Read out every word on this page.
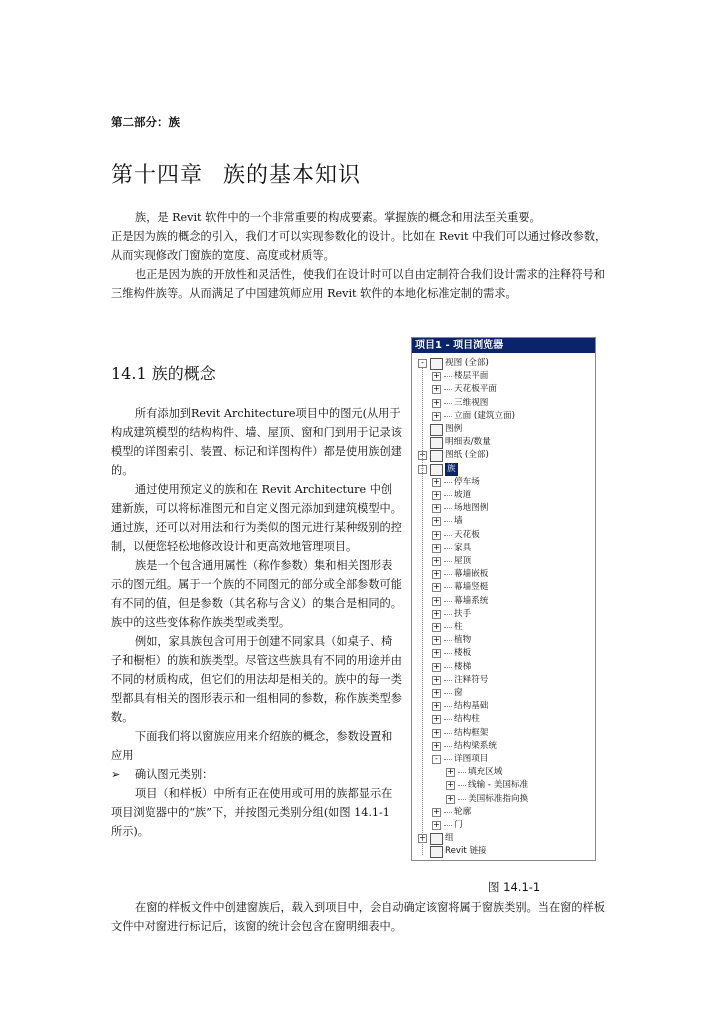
第二部分：族
第十四章 族的基本知识

族，是 Revit 软件中的一个非常重要的构成要素。掌握族的概念和用法至关重要。

正是因为族的概念的引入，我们才可以实现参数化的设计。比如在 Revit 中我们可以通过修改参数，从而实现修改门窗族的宽度、高度或材质等。

也正是因为族的开放性和灵活性，使我们在设计时可以自由定制符合我们设计需求的注释符号和三维构件族等。从而满足了中国建筑师应用 Revit 软件的本地化标准定制的需求。

14.1 族的概念

所有添加到Revit Architecture项目中的图元(从用于构成建筑模型的结构构件、墙、屋顶、窗和门到用于记录该模型的详图索引、装置、标记和详图构件）都是使用族创建的。

通过使用预定义的族和在 Revit Architecture 中创建新族，可以将标准图元和自定义图元添加到建筑模型中。通过族，还可以对用法和行为类似的图元进行某种级别的控制，以便您轻松地修改设计和更高效地管理项目。

族是一个包含通用属性（称作参数）集和相关图形表示的图元组。属于一个族的不同图元的部分或全部参数可能有不同的值，但是参数（其名称与含义）的集合是相同的。族中的这些变体称作族类型或类型。

例如，家具族包含可用于创建不同家具（如桌子、椅子和橱柜）的族和族类型。尽管这些族具有不同的用途并由不同的材质构成，但它们的用法却是相关的。族中的每一类型都具有相关的图形表示和一组相同的参数，称作族类型参数。

下面我们将以窗族应用来介绍族的概念，参数设置和应用

➢ 确认图元类别：

项目（和样板）中所有正在使用或可用的族都显示在项目浏览器中的“族”下，并按图元类别分组(如图 14.1-1 所示)。

项目1 - 项目浏览器
-	视图 (全部)
+ 楼层平面
+ 天花板平面
+ 三维视图
+ 立面 (建筑立面)
图例
明细表/数量
+ 图纸 (全部)
-	族
+ 停车场
+ 坡道
+ 场地图例
+ 墙
+ 天花板
+ 家具
+ 屋顶
+ 幕墙嵌板
+ 幕墙竖梃
+ 幕墙系统
+ 扶手
+ 柱
+ 植物
+ 楼板
+ 楼梯
+ 注释符号
+ 窗
+ 结构基础
+ 结构柱
+ 结构框架
+ 结构梁系统
-	详图项目
+ 填充区域
+ 线输 - 美国标准
+ 美国标准指向换
+ 轮廓
+ 门
+ 组
Revit 链接
图 14.1-1

在窗的样板文件中创建窗族后，载入到项目中，会自动确定该窗将属于窗族类别。当在窗的样板文件中对窗进行标记后，该窗的统计会包含在窗明细表中。
